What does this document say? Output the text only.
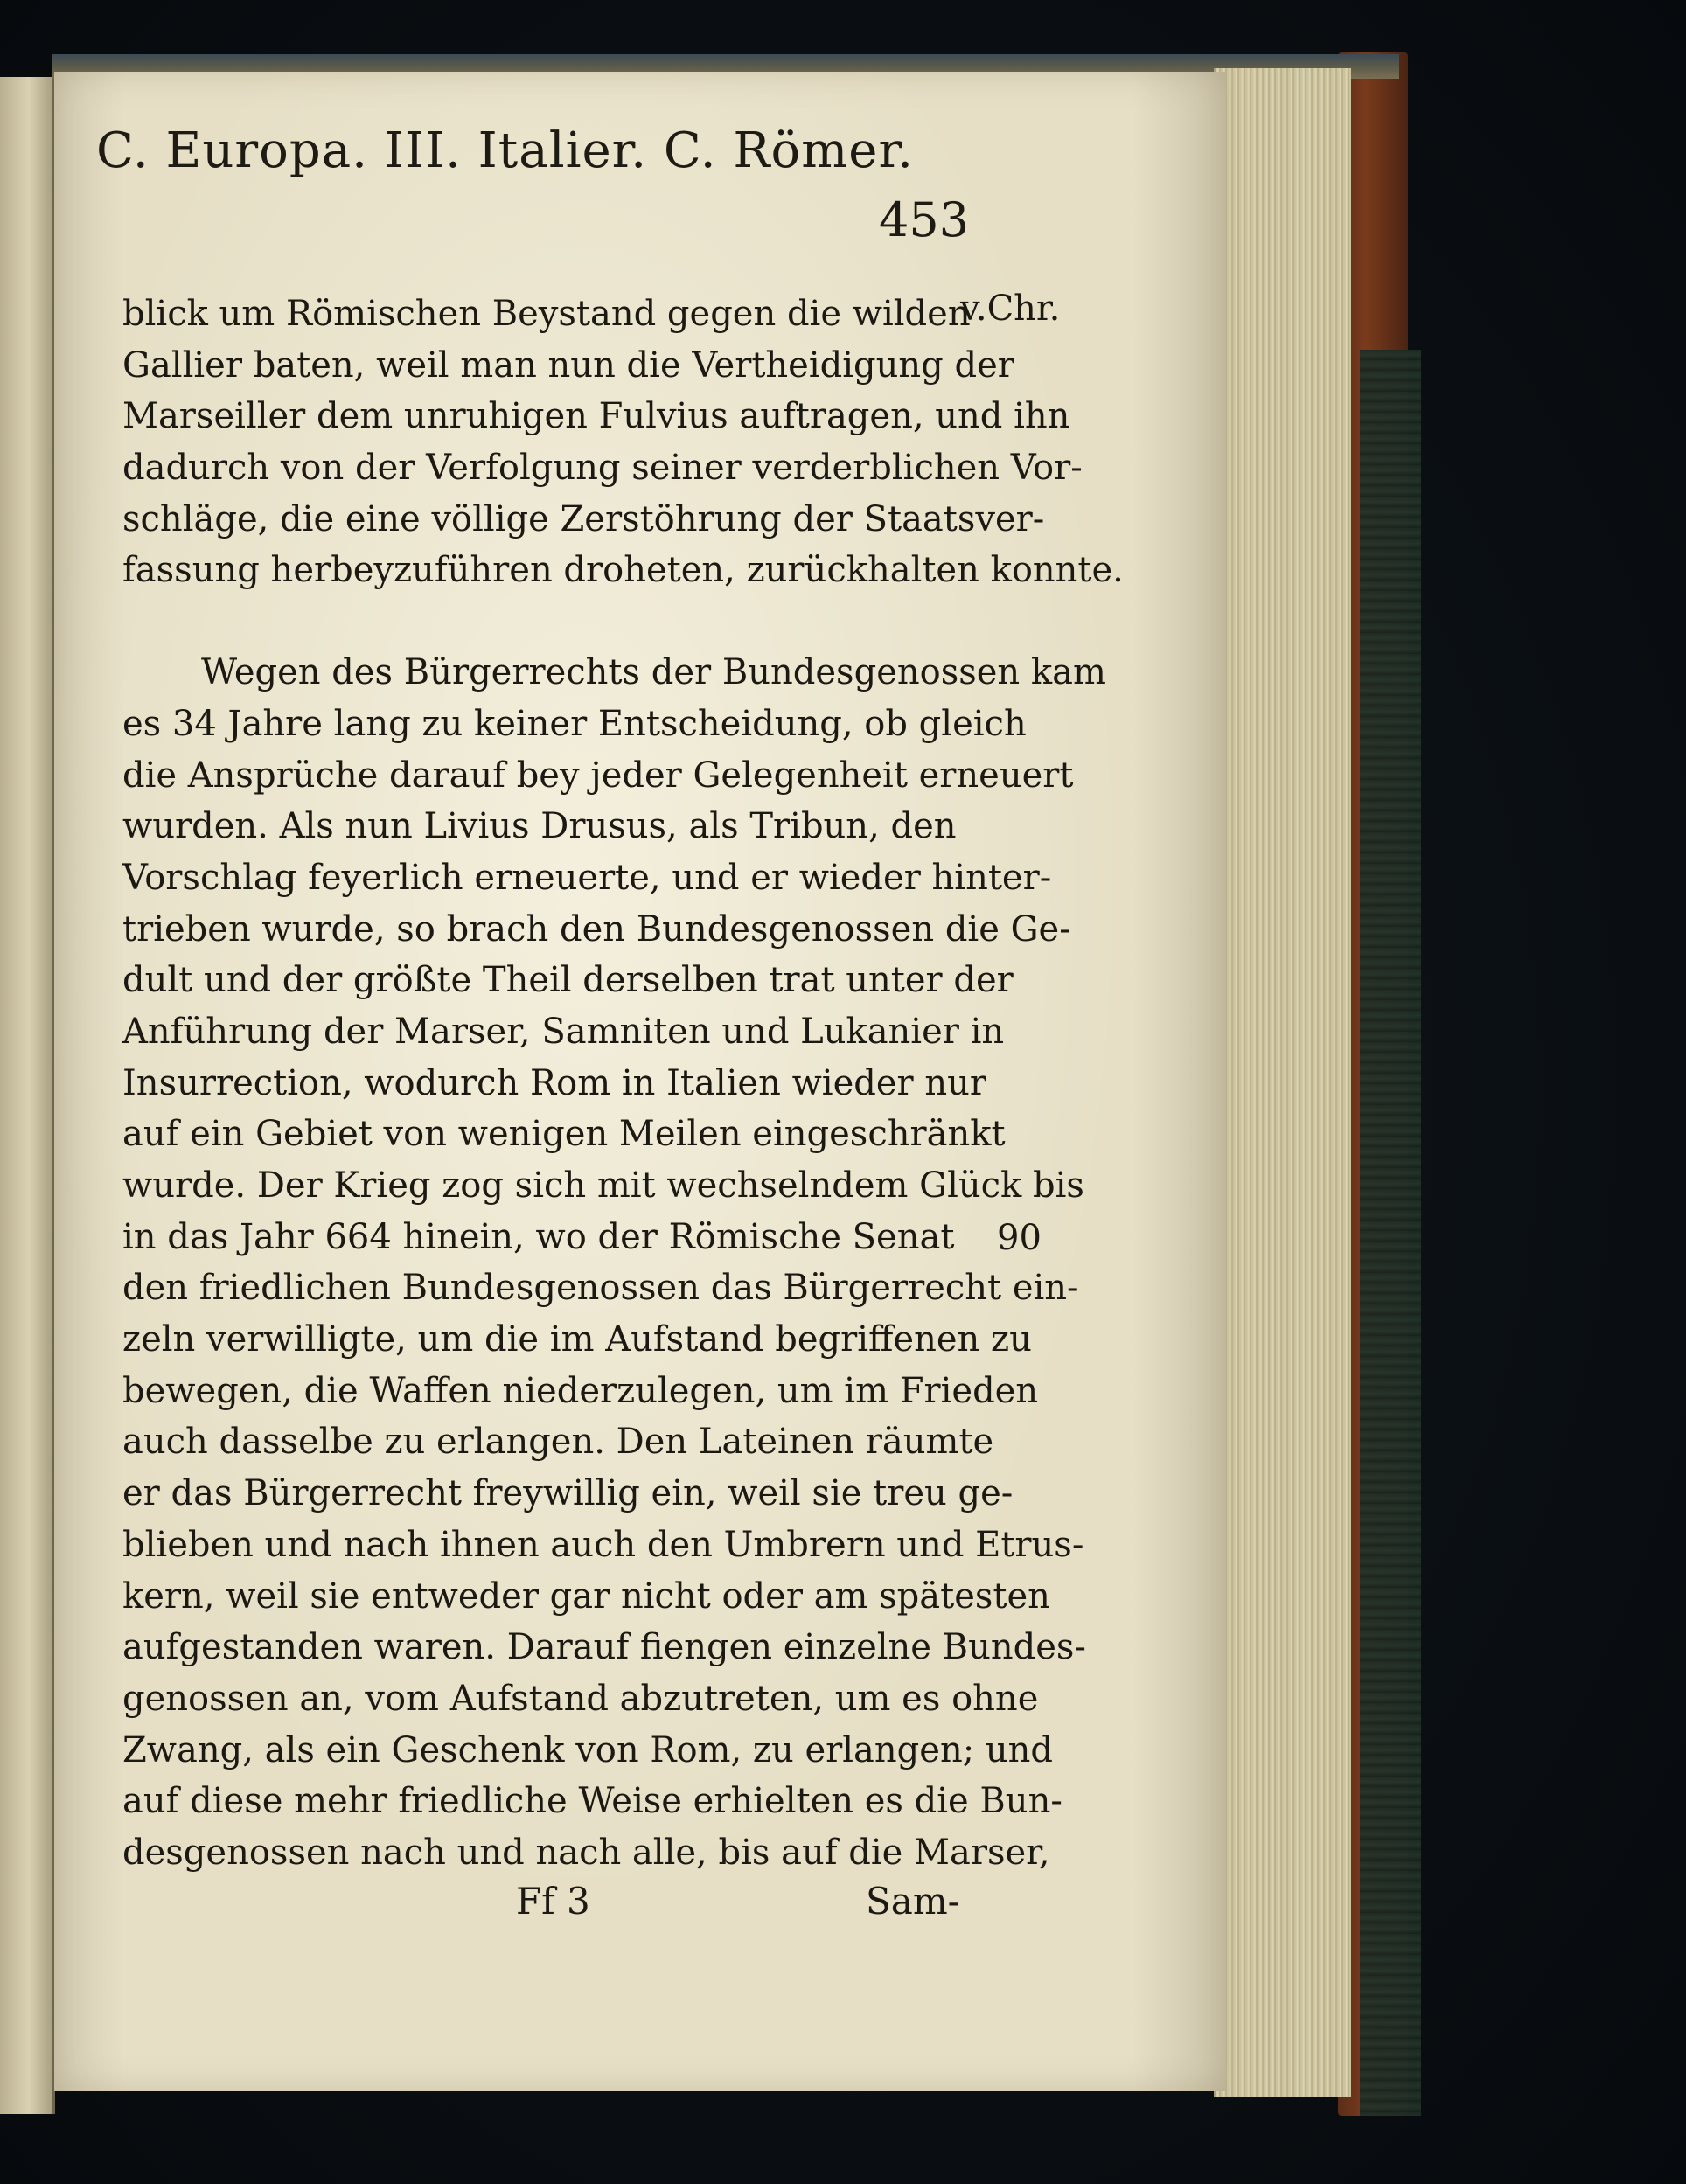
C. Europa. III. Italier. C. Römer.
453
blick um Römischen Beystand gegen die wilden
Gallier baten, weil man nun die Vertheidigung der
Marseiller dem unruhigen Fulvius auftragen, und ihn
dadurch von der Verfolgung seiner verderblichen Vor-
schläge, die eine völlige Zerstöhrung der Staatsver-
fassung herbeyzuführen droheten, zurückhalten konnte.
Wegen des Bürgerrechts der Bundesgenossen kam
es 34 Jahre lang zu keiner Entscheidung, ob gleich
die Ansprüche darauf bey jeder Gelegenheit erneuert
wurden. Als nun Livius Drusus, als Tribun, den
Vorschlag feyerlich erneuerte, und er wieder hinter-
trieben wurde, so brach den Bundesgenossen die Ge-
dult und der größte Theil derselben trat unter der
Anführung der Marser, Samniten und Lukanier in
Insurrection, wodurch Rom in Italien wieder nur
auf ein Gebiet von wenigen Meilen eingeschränkt
wurde. Der Krieg zog sich mit wechselndem Glück bis
in das Jahr 664 hinein, wo der Römische Senat
den friedlichen Bundesgenossen das Bürgerrecht ein-
zeln verwilligte, um die im Aufstand begriffenen zu
bewegen, die Waffen niederzulegen, um im Frieden
auch dasselbe zu erlangen. Den Lateinen räumte
er das Bürgerrecht freywillig ein, weil sie treu ge-
blieben und nach ihnen auch den Umbrern und Etrus-
kern, weil sie entweder gar nicht oder am spätesten
aufgestanden waren. Darauf fiengen einzelne Bundes-
genossen an, vom Aufstand abzutreten, um es ohne
Zwang, als ein Geschenk von Rom, zu erlangen; und
auf diese mehr friedliche Weise erhielten es die Bun-
desgenossen nach und nach alle, bis auf die Marser,
v.Chr.
90
Ff 3	Sam-
